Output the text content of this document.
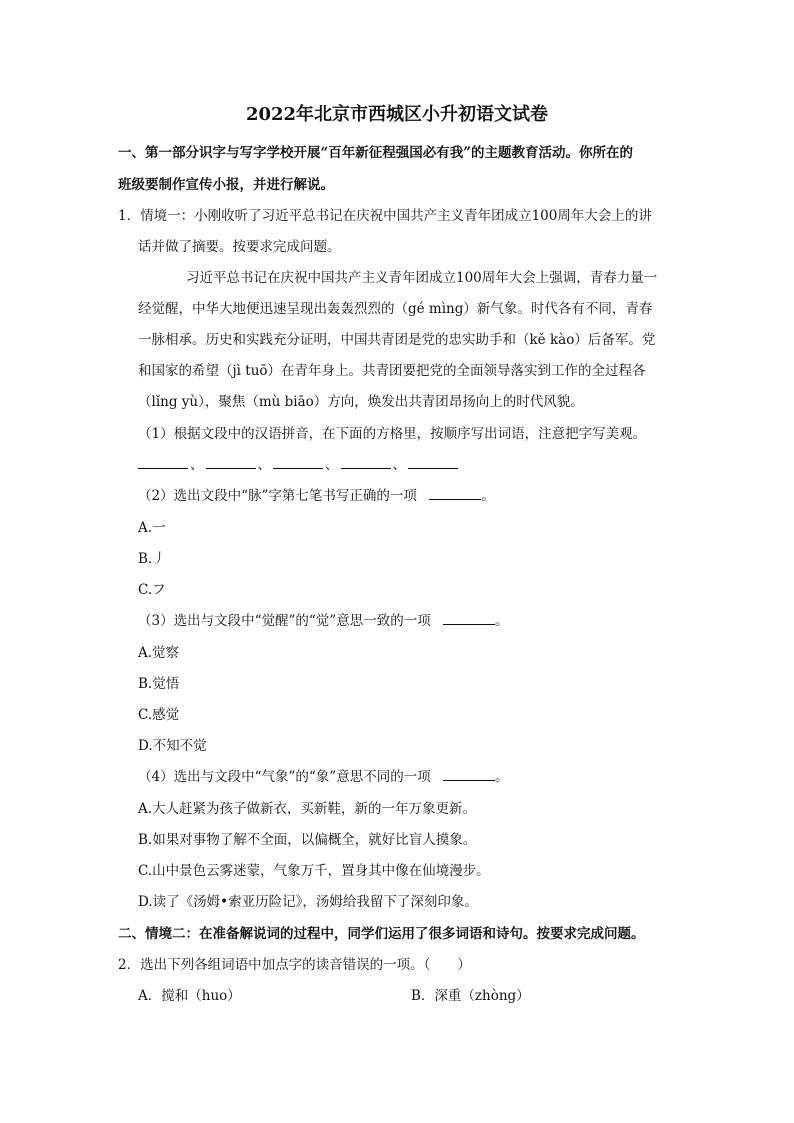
2022年北京市西城区小升初语文试卷
一、第一部分识字与写字学校开展“百年新征程强国必有我”的主题教育活动。你所在的
班级要制作宣传小报，并进行解说。
1．情境一：小刚收听了习近平总书记在庆祝中国共产主义青年团成立100周年大会上的讲
话并做了摘要。按要求完成问题。
习近平总书记在庆祝中国共产主义青年团成立100周年大会上强调，青春力量一
经觉醒，中华大地便迅速呈现出轰轰烈烈的（gé mìng）新气象。时代各有不同，青春
一脉相承。历史和实践充分证明，中国共青团是党的忠实助手和（kě kào）后备军。党
和国家的希望（jì tuō）在青年身上。共青团要把党的全面领导落实到工作的全过程各
（lǐng yù），聚焦（mù biāo）方向，焕发出共青团昂扬向上的时代风貌。
（1）根据文段中的汉语拼音，在下面的方格里，按顺序写出词语，注意把字写美观。
、	、	、	、
（2）选出文段中“脉”字第七笔书写正确的一项	。
A.一
B.丿
C.フ
（3）选出与文段中“觉醒”的“觉”意思一致的一项	。
A.觉察
B.觉悟
C.感觉
D.不知不觉
（4）选出与文段中“气象”的“象”意思不同的一项	。
A.大人赶紧为孩子做新衣，买新鞋，新的一年万象更新。
B.如果对事物了解不全面，以偏概全，就好比盲人摸象。
C.山中景色云雾迷蒙，气象万千，置身其中像在仙境漫步。
D.读了《汤姆•索亚历险记》，汤姆给我留下了深刻印象。
二、情境二：在准备解说词的过程中，同学们运用了很多词语和诗句。按要求完成问题。
2．选出下列各组词语中加点字的读音错误的一项。（　　）
A．搅和（huo）	B．深重（zhòng）
